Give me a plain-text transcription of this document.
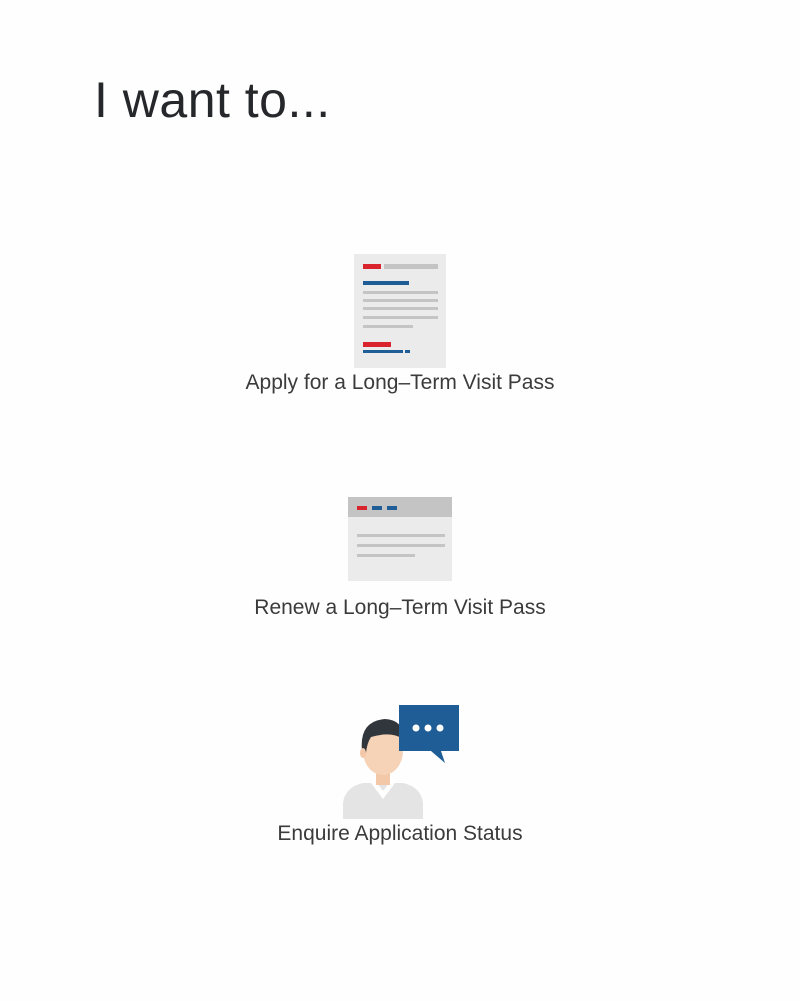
I want to...
Apply for a Long–Term Visit Pass
Renew a Long–Term Visit Pass
Enquire Application Status
